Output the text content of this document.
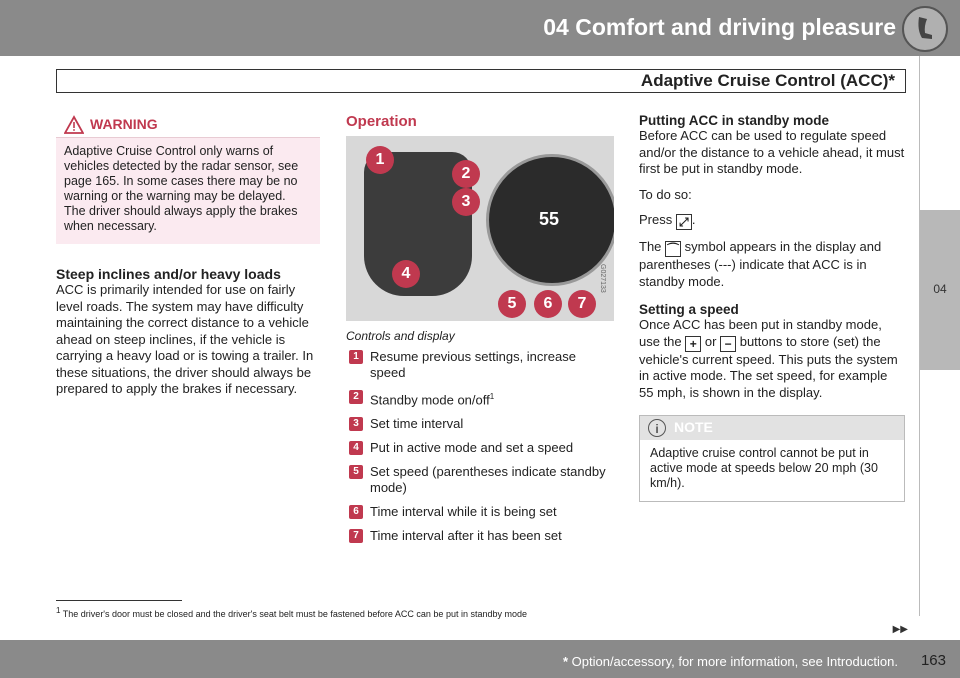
04 Comfort and driving pleasure
Adaptive Cruise Control (ACC)*
04
WARNING
Adaptive Cruise Control only warns of vehicles detected by the radar sensor, see page 165. In some cases there may be no warning or the warning may be delayed. The driver should always apply the brakes when necessary.
Steep inclines and/or heavy loads

ACC is primarily intended for use on fairly level roads. The system may have difficulty maintaining the correct distance to a vehicle ahead on steep inclines, if the vehicle is carrying a heavy load or is towing a trailer. In these situations, the driver should always be prepared to apply the brakes if necessary.

Operation
55
1
2
3
4
5	6	7
G027133
Controls and display
1 Resume previous settings, increase speed
2 Standby mode on/off$^1$
3 Set time interval
4 Put in active mode and set a speed
5 Set speed (parentheses indicate standby mode)
6 Time interval while it is being set
7 Time interval after it has been set

Putting ACC in standby mode

Before ACC can be used to regulate speed and/or the distance to a vehicle ahead, it must first be put in standby mode.

To do so:

Press ⤢ .

The ⌒ symbol appears in the display and parentheses (---) indicate that ACC is in standby mode.

Setting a speed

Once ACC has been put in standby mode, use the + or − buttons to store (set) the vehicle's current speed. This puts the system in active mode. The set speed, for example 55 mph, is shown in the display.

i	NOTE
Adaptive cruise control cannot be put in active mode at speeds below 20 mph (30 km/h).
$^1$ The driver's door must be closed and the driver's seat belt must be fastened before ACC can be put in standby mode
▶▶
* Option/accessory, for more information, see Introduction. 163
